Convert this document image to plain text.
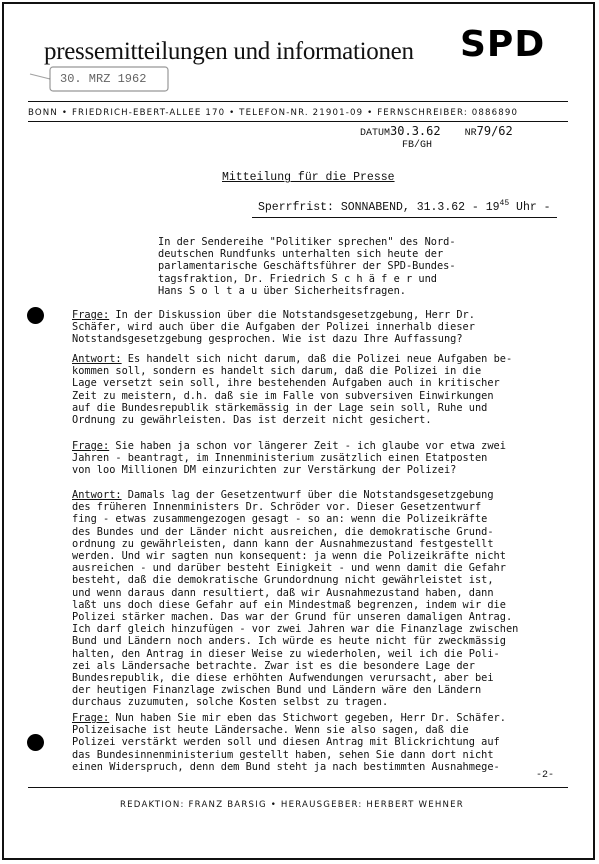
pressemitteilungen und informationen SPD
30. MRZ 1962
BONN • FRIEDRICH-EBERT-ALLEE 170 • TELEFON-NR. 21901-09 • FERNSCHREIBER: 0886890
DATUM30.3.62 NR79/62
FB/GH
Mitteilung für die Presse
Sperrfrist: SONNABEND, $31.3.62 - 19^{45}$ Uhr -
In der Sendereihe "Politiker sprechen" des Nord-
deutschen Rundfunks unterhalten sich heute der
parlamentarische Geschäftsführer der SPD-Bundes-
tagsfraktion, Dr. Friedrich S c h ä f e r und
Hans S o l t a u über Sicherheitsfragen.
Frage: In der Diskussion über die Notstandsgesetzgebung, Herr Dr.
Schäfer, wird auch über die Aufgaben der Polizei innerhalb dieser
Notstandsgesetzgebung gesprochen. Wie ist dazu Ihre Auffassung?
Antwort: Es handelt sich nicht darum, daß die Polizei neue Aufgaben be-
kommen soll, sondern es handelt sich darum, daß die Polizei in die
Lage versetzt sein soll, ihre bestehenden Aufgaben auch in kritischer
Zeit zu meistern, d.h. daß sie im Falle von subversiven Einwirkungen
auf die Bundesrepublik stärkemässig in der Lage sein soll, Ruhe und
Ordnung zu gewährleisten. Das ist derzeit nicht gesichert.
Frage: Sie haben ja schon vor längerer Zeit - ich glaube vor etwa zwei
Jahren - beantragt, im Innenministerium zusätzlich einen Etatposten
von loo Millionen DM einzurichten zur Verstärkung der Polizei?
Antwort: Damals lag der Gesetzentwurf über die Notstandsgesetzgebung
des früheren Innenministers Dr. Schröder vor. Dieser Gesetzentwurf
fing - etwas zusammengezogen gesagt - so an: wenn die Polizeikräfte
des Bundes und der Länder nicht ausreichen, die demokratische Grund-
ordnung zu gewährleisten, dann kann der Ausnahmezustand festgestellt
werden. Und wir sagten nun konsequent: ja wenn die Polizeikräfte nicht
ausreichen - und darüber besteht Einigkeit - und wenn damit die Gefahr
besteht, daß die demokratische Grundordnung nicht gewährleistet ist,
und wenn daraus dann resultiert, daß wir Ausnahmezustand haben, dann
laßt uns doch diese Gefahr auf ein Mindestmaß begrenzen, indem wir die
Polizei stärker machen. Das war der Grund für unseren damaligen Antrag.
Ich darf gleich hinzufügen - vor zwei Jahren war die Finanzlage zwischen
Bund und Ländern noch anders. Ich würde es heute nicht für zweckmässig
halten, den Antrag in dieser Weise zu wiederholen, weil ich die Poli-
zei als Ländersache betrachte. Zwar ist es die besondere Lage der
Bundesrepublik, die diese erhöhten Aufwendungen verursacht, aber bei
der heutigen Finanzlage zwischen Bund und Ländern wäre den Ländern
durchaus zuzumuten, solche Kosten selbst zu tragen.
Frage: Nun haben Sie mir eben das Stichwort gegeben, Herr Dr. Schäfer.
Polizeisache ist heute Ländersache. Wenn sie also sagen, daß die
Polizei verstärkt werden soll und diesen Antrag mit Blickrichtung auf
das Bundesinnenministerium gestellt haben, sehen Sie dann dort nicht
einen Widerspruch, denn dem Bund steht ja nach bestimmten Ausnahmege-
-2-
REDAKTION: FRANZ BARSIG • HERAUSGEBER: HERBERT WEHNER
